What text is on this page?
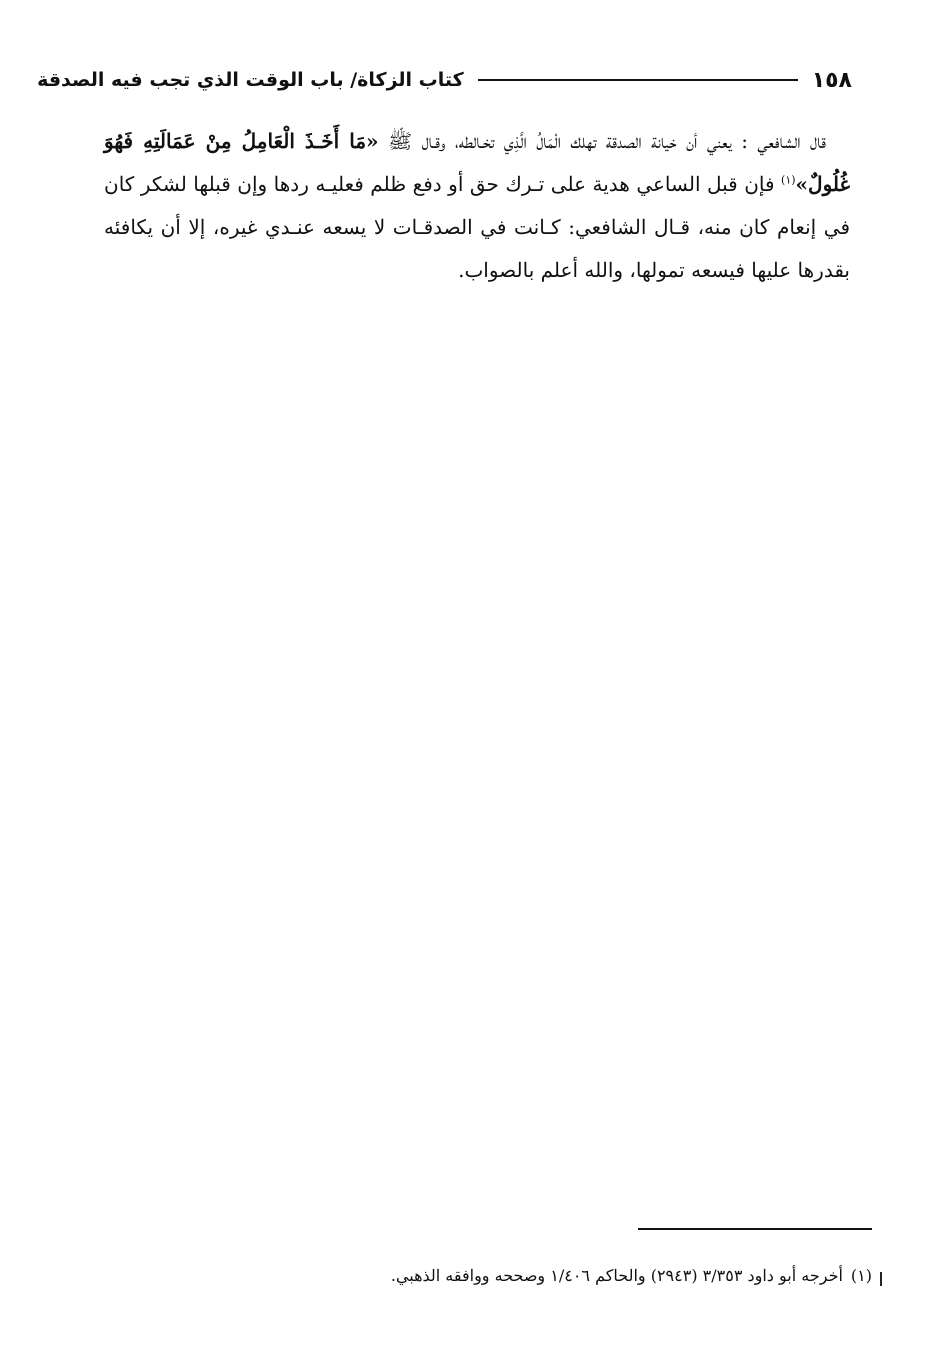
١٥٨
كتاب الزكاة/ باب الوقت الذي تجب فيه الصدقة

قال الشافعي : يعني أن خيانة الصدقة تهلك الْمَالُ الَّذِي تخـالطه، وقـال ﷺ «مَا أَخَـذَ الْعَامِلُ مِنْ عَمَالَتِهِ فَهُوَ غُلُولٌ»$^{(١)}$ فإن قبل الساعي هدية على تـرك حق أو دفع ظلم فعليـه ردها وإن قبلها لشكر كان في إنعام كان منه، قـال الشافعي: كـانت في الصدقـات لا يسعه عنـدي غيره، إلا أن يكافئه بقدرها عليها فيسعه تمولها، والله أعلم بالصواب.

(١)أخرجه أبو داود ٣/٣٥٣ (٢٩٤٣) والحاكم ١/٤٠٦ وصححه ووافقه الذهبي.
